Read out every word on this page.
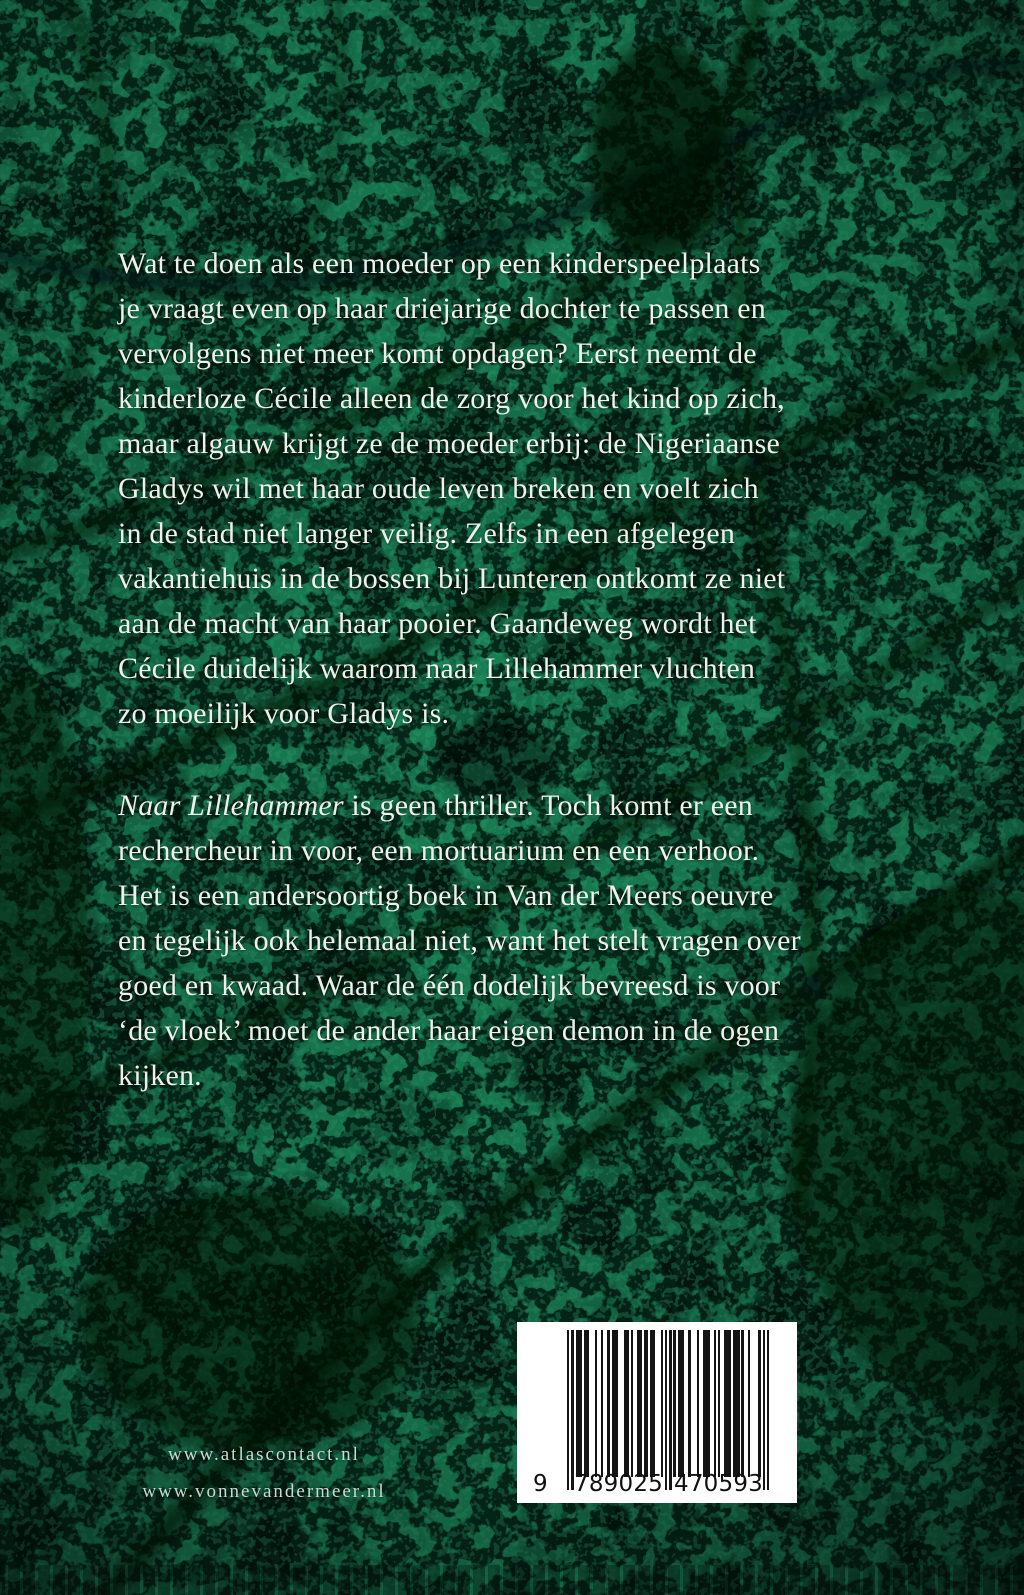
Wat te doen als een moeder op een kinderspeelplaats
je vraagt even op haar driejarige dochter te passen en
vervolgens niet meer komt opdagen? Eerst neemt de
kinderloze Cécile alleen de zorg voor het kind op zich,
maar algauw krijgt ze de moeder erbij: de Nigeriaanse
Gladys wil met haar oude leven breken en voelt zich
in de stad niet langer veilig. Zelfs in een afgelegen
vakantiehuis in de bossen bij Lunteren ontkomt ze niet
aan de macht van haar pooier. Gaandeweg wordt het
Cécile duidelijk waarom naar Lillehammer vluchten
zo moeilijk voor Gladys is.
Naar Lillehammer is geen thriller. Toch komt er een
rechercheur in voor, een mortuarium en een verhoor.
Het is een andersoortig boek in Van der Meers oeuvre
en tegelijk ook helemaal niet, want het stelt vragen over
goed en kwaad. Waar de één dodelijk bevreesd is voor
‘de vloek’ moet de ander haar eigen demon in de ogen
kijken.
www.atlascontact.nl
www.vonnevandermeer.nl	9 789025 470593
